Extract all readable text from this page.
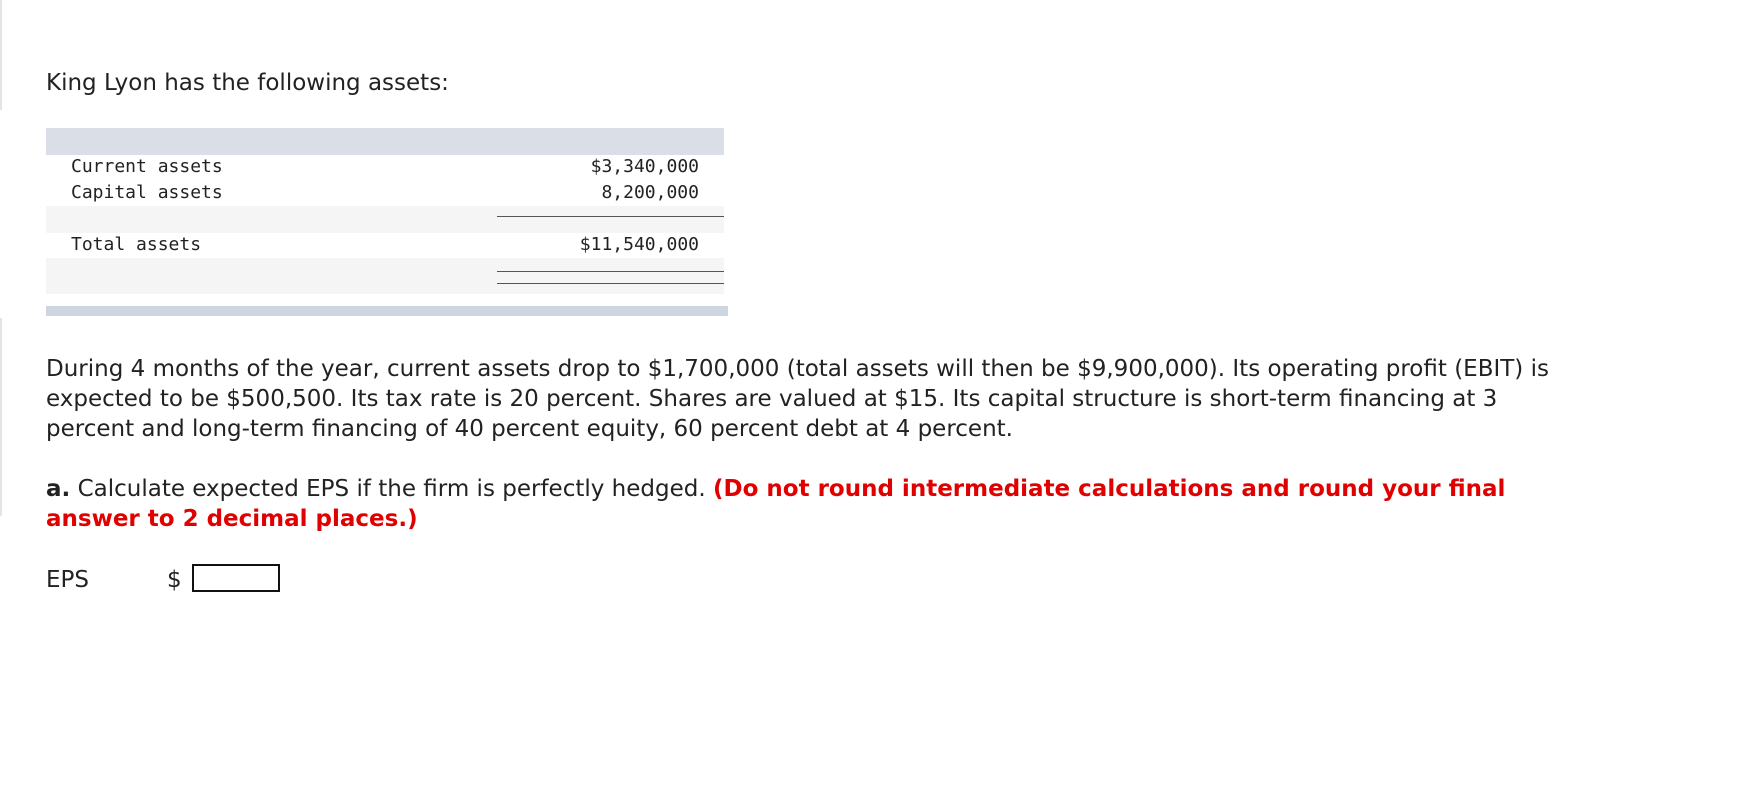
King Lyon has the following assets:
Current assets	$3,340,000
Capital assets	8,200,000
Total assets	$11,540,000
During 4 months of the year, current assets drop to $1,700,000 (total assets will then be $9,900,000). Its operating profit (EBIT) is expected to be $500,500. Its tax rate is 20 percent. Shares are valued at $15. Its capital structure is short-term financing at 3 percent and long-term financing of 40 percent equity, 60 percent debt at 4 percent.
a. Calculate expected EPS if the firm is perfectly hedged. (Do not round intermediate calculations and round your final answer to 2 decimal places.)
EPS	$
